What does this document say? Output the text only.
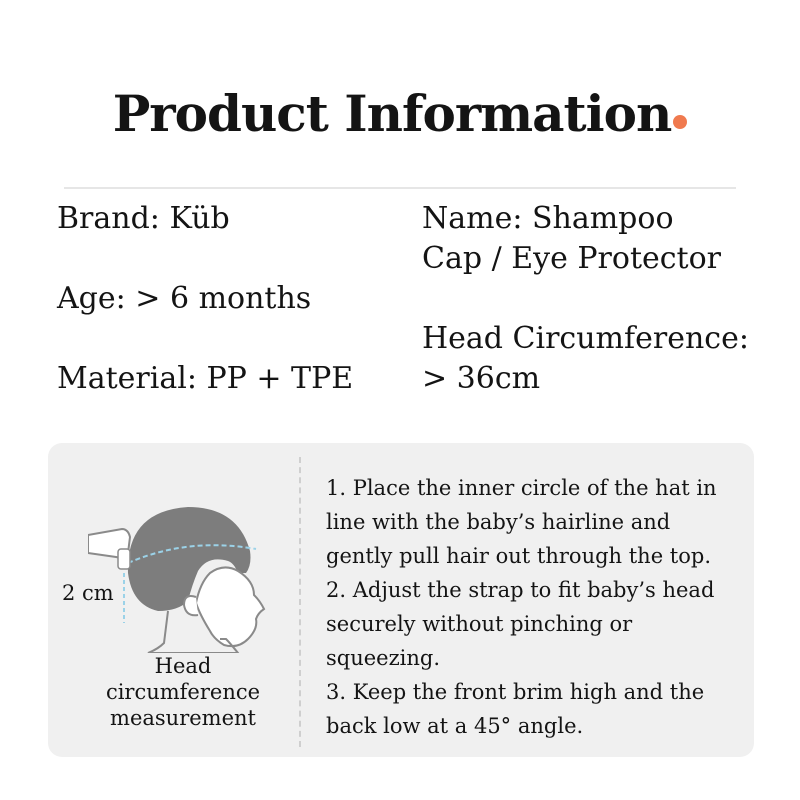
Product Information

Brand: Küb

Age: > 6 months

Material: PP + TPE

Name: Shampoo

Cap / Eye Protector

Head Circumference:

> 36cm

2 cm
Head
circumference
measurement

1. Place the inner circle of the hat in

line with the baby’s hairline and

gently pull hair out through the top.

2. Adjust the strap to fit baby’s head

securely without pinching or

squeezing.

3. Keep the front brim high and the

back low at a 45° angle.
